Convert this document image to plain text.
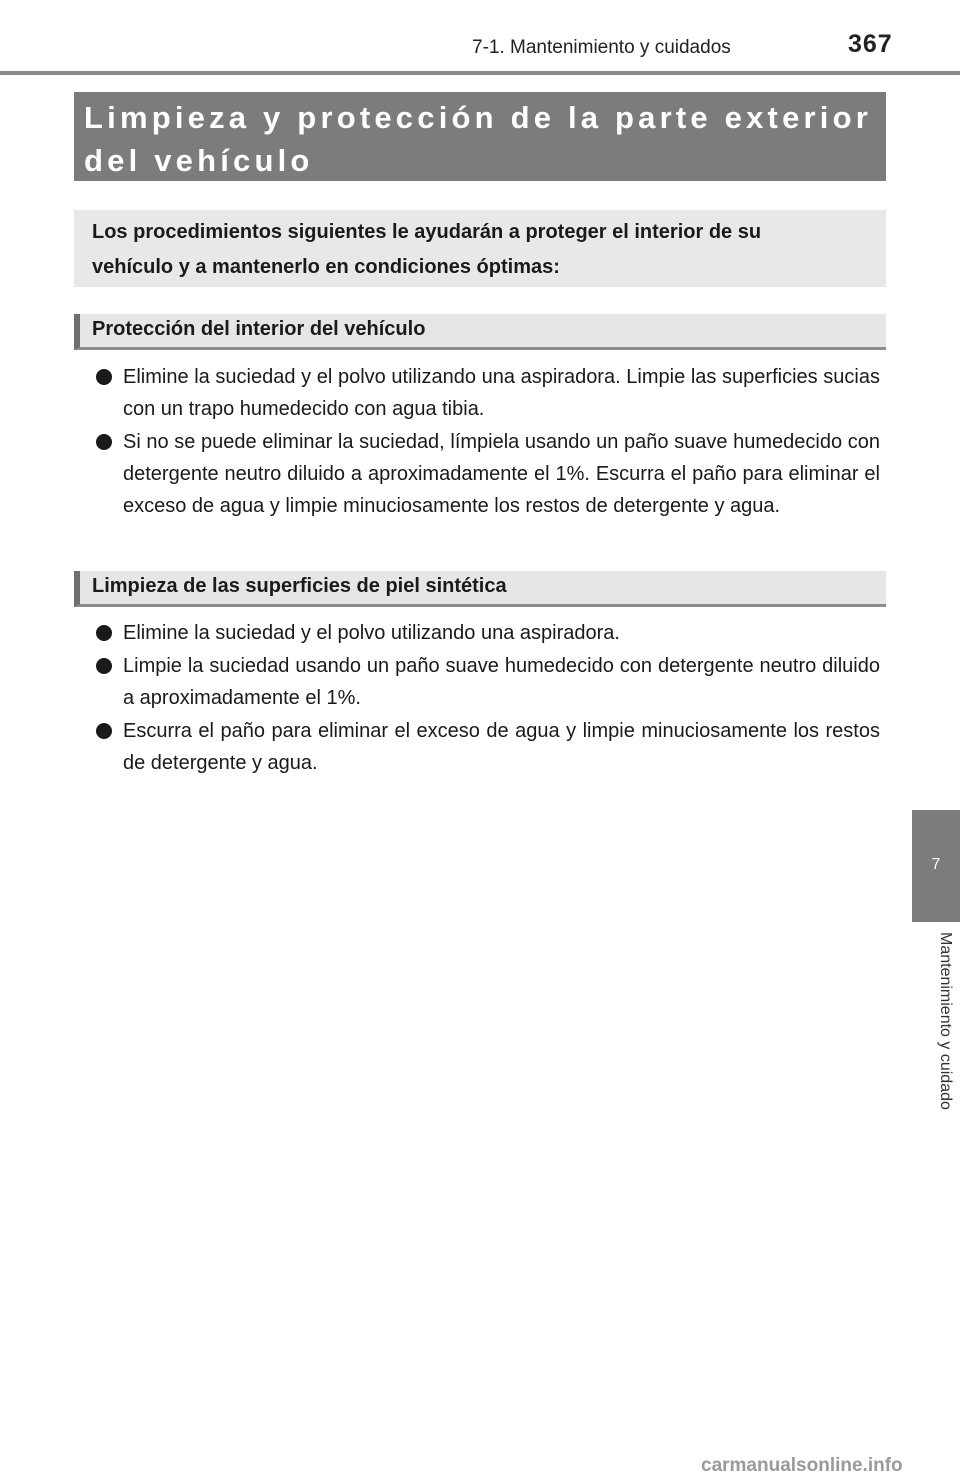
7-1. Mantenimiento y cuidados	367
Limpieza y protección de la parte exterior
del vehículo
Los procedimientos siguientes le ayudarán a proteger el interior de su
vehículo y a mantenerlo en condiciones óptimas:
Protección del interior del vehículo
Elimine la suciedad y el polvo utilizando una aspiradora. Limpie las superficies sucias con un trapo humedecido con agua tibia.
Si no se puede eliminar la suciedad, límpiela usando un paño suave humedecido con detergente neutro diluido a aproximadamente el 1%. Escurra el paño para eliminar el exceso de agua y limpie minuciosamente los restos de detergente y agua.
Limpieza de las superficies de piel sintética
Elimine la suciedad y el polvo utilizando una aspiradora.
Limpie la suciedad usando un paño suave humedecido con detergente neutro diluido a aproximadamente el 1%.
Escurra el paño para eliminar el exceso de agua y limpie minuciosamente los restos de detergente y agua.
7
Mantenimiento y cuidado
carmanualsonline.info
